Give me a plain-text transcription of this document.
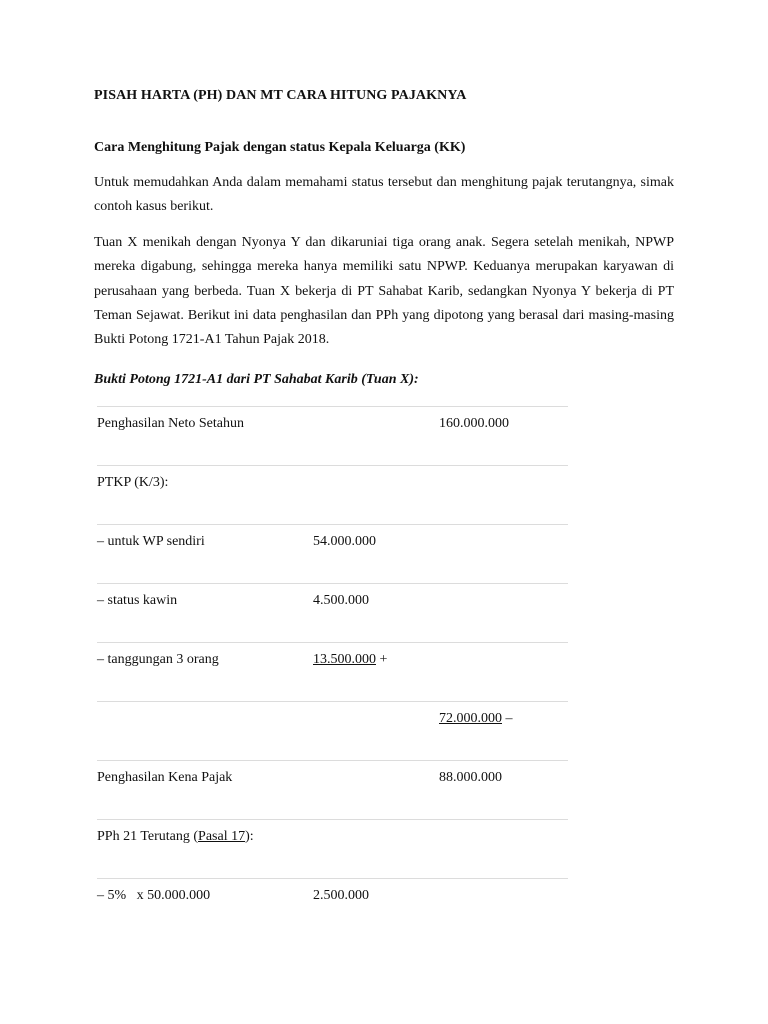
PISAH HARTA (PH) DAN MT CARA HITUNG PAJAKNYA
Cara Menghitung Pajak dengan status Kepala Keluarga (KK)

Untuk memudahkan Anda dalam memahami status tersebut dan menghitung pajak terutangnya, simak contoh kasus berikut.

Tuan X menikah dengan Nyonya Y dan dikaruniai tiga orang anak. Segera setelah menikah, NPWP mereka digabung, sehingga mereka hanya memiliki satu NPWP. Keduanya merupakan karyawan di perusahaan yang berbeda. Tuan X bekerja di PT Sahabat Karib, sedangkan Nyonya Y bekerja di PT Teman Sejawat. Berikut ini data penghasilan dan PPh yang dipotong yang berasal dari masing-masing Bukti Potong 1721-A1 Tahun Pajak 2018.

Bukti Potong 1721-A1 dari PT Sahabat Karib (Tuan X):

Penghasilan Neto Setahun		160.000.000
PTKP (K/3):		
– untuk WP sendiri	54.000.000	
– status kawin	4.500.000	
– tanggungan 3 orang	13.500.000 +	
		72.000.000 –
Penghasilan Kena Pajak		88.000.000
PPh 21 Terutang (Pasal 17):		
– 5%   x 50.000.000	2.500.000	
